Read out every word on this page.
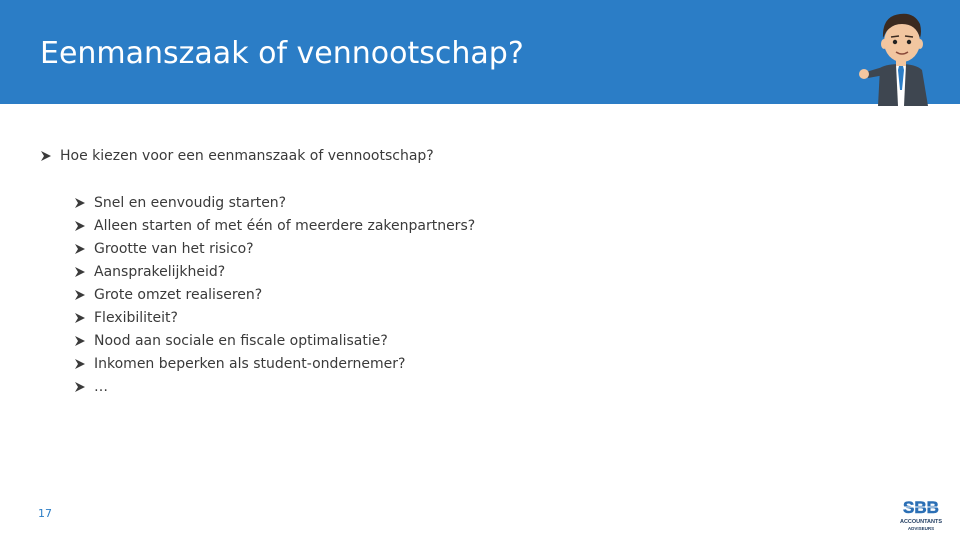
Eenmanszaak of vennootschap?
Hoe kiezen voor een eenmanszaak of vennootschap?
Snel en eenvoudig starten?
Alleen starten of met één of meerdere zakenpartners?
Grootte van het risico?
Aansprakelijkheid?
Grote omzet realiseren?
Flexibiliteit?
Nood aan sociale en fiscale optimalisatie?
Inkomen beperken als student-ondernemer?
…
17	SBB
ACCOUNTANTS
ADVISEURS
